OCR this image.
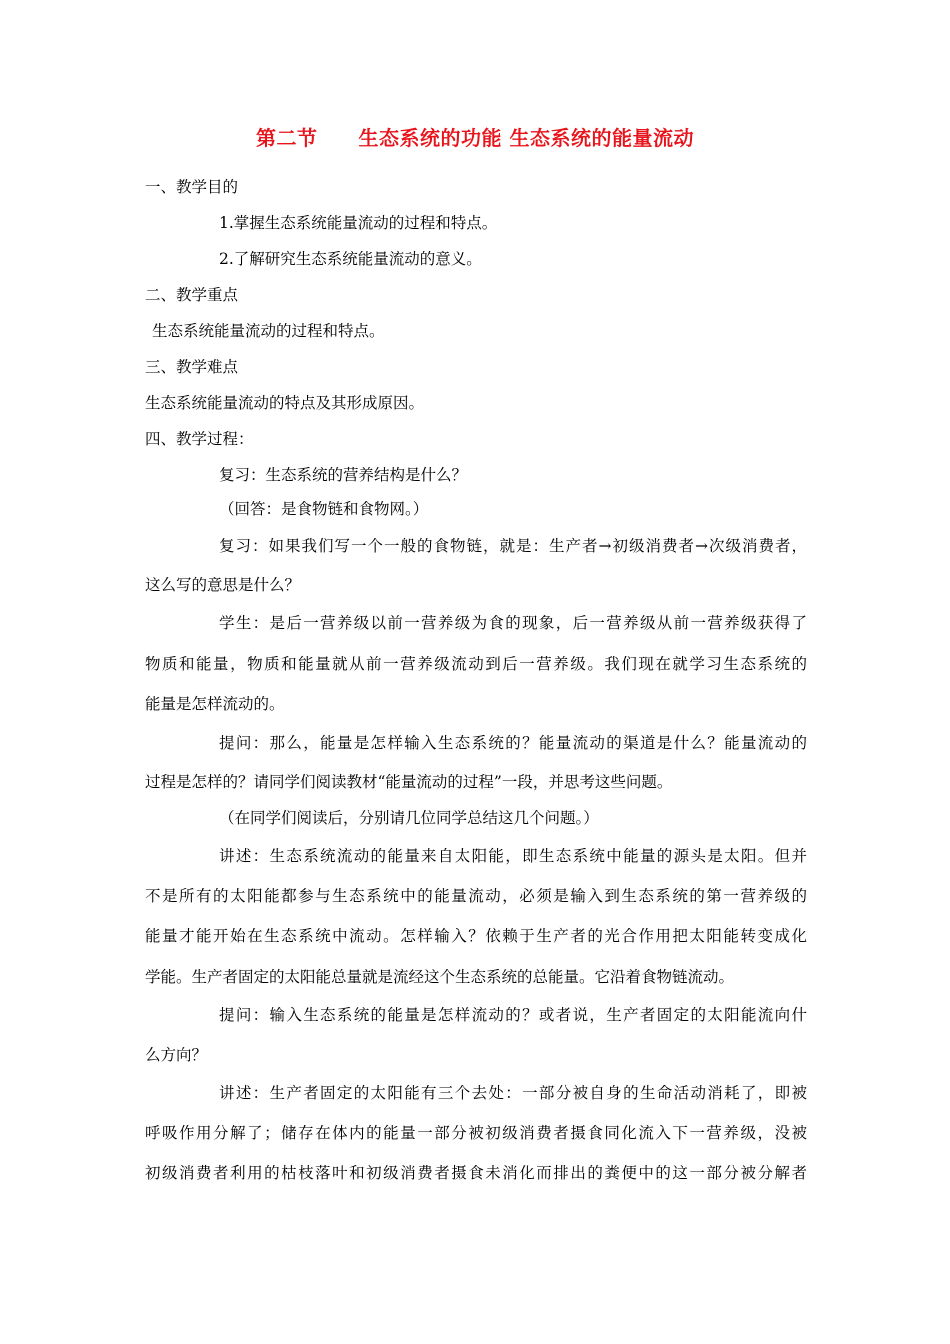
第二节　　生态系统的功能 生态系统的能量流动
一、教学目的
1.掌握生态系统能量流动的过程和特点。
2.了解研究生态系统能量流动的意义。
二、教学重点
生态系统能量流动的过程和特点。
三、教学难点
生态系统能量流动的特点及其形成原因。
四、教学过程：
复习：生态系统的营养结构是什么？
（回答：是食物链和食物网。）
复习：如果我们写一个一般的食物链，就是：生产者→初级消费者→次级消费者，
这么写的意思是什么？
学生：是后一营养级以前一营养级为食的现象，后一营养级从前一营养级获得了
物质和能量，物质和能量就从前一营养级流动到后一营养级。我们现在就学习生态系统的
能量是怎样流动的。
提问：那么，能量是怎样输入生态系统的？能量流动的渠道是什么？能量流动的
过程是怎样的？请同学们阅读教材“能量流动的过程”一段，并思考这些问题。
（在同学们阅读后，分别请几位同学总结这几个问题。）
讲述：生态系统流动的能量来自太阳能，即生态系统中能量的源头是太阳。但并
不是所有的太阳能都参与生态系统中的能量流动，必须是输入到生态系统的第一营养级的
能量才能开始在生态系统中流动。怎样输入？依赖于生产者的光合作用把太阳能转变成化
学能。生产者固定的太阳能总量就是流经这个生态系统的总能量。它沿着食物链流动。
提问：输入生态系统的能量是怎样流动的？或者说，生产者固定的太阳能流向什
么方向？
讲述：生产者固定的太阳能有三个去处：一部分被自身的生命活动消耗了，即被
呼吸作用分解了；储存在体内的能量一部分被初级消费者摄食同化流入下一营养级，没被
初级消费者利用的枯枝落叶和初级消费者摄食未消化而排出的粪便中的这一部分被分解者
